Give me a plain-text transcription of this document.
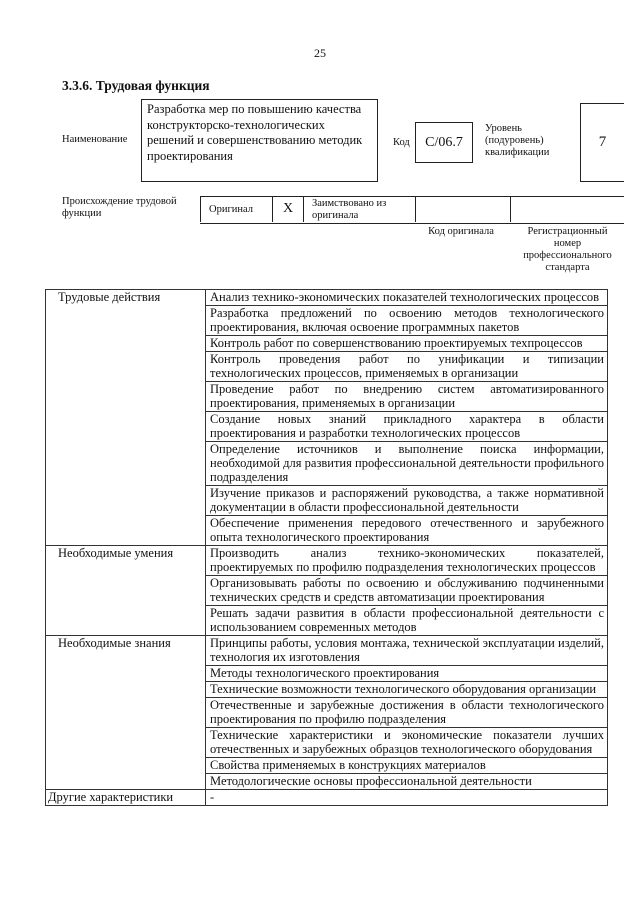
25
3.3.6. Трудовая функция
Наименование
Разработка мер по повышению качества конструкторско-технологических решений и совершенствованию методик проектирования
Код	С/06.7
Уровень (подуровень) квалификации
7
Происхождение трудовой функции	Оригинал	X	Заимствовано из оригинала
Код оригинала	Регистрационный номер профессионального стандарта
Трудовые действия	Анализ технико-экономических показателей технологических процессов
	Разработка предложений по освоению методов технологического проектирования, включая освоение программных пакетов
	Контроль работ по совершенствованию проектируемых техпроцессов
	Контроль проведения работ по унификации и типизации технологических процессов, применяемых в организации
	Проведение работ по внедрению систем автоматизированного проектирования, применяемых в организации
	Создание новых знаний прикладного характера в области проектирования и разработки технологических процессов
	Определение источников и выполнение поиска информации, необходимой для развития профессиональной деятельности профильного подразделения
	Изучение приказов и распоряжений руководства, а также нормативной документации в области профессиональной деятельности
	Обеспечение применения передового отечественного и зарубежного опыта технологического проектирования
Необходимые умения	Производить анализ технико-экономических показателей, проектируемых по профилю подразделения технологических процессов
	Организовывать работы по освоению и обслуживанию подчиненными технических средств и средств автоматизации проектирования
	Решать задачи развития в области профессиональной деятельности с использованием современных методов
Необходимые знания	Принципы работы, условия монтажа, технической эксплуатации изделий, технология их изготовления
	Методы технологического проектирования
	Технические возможности технологического оборудования организации
	Отечественные и зарубежные достижения в области технологического проектирования по профилю подразделения
	Технические характеристики и экономические показатели лучших отечественных и зарубежных образцов технологического оборудования
	Свойства применяемых в конструкциях материалов
	Методологические основы профессиональной деятельности
Другие характеристики	-
